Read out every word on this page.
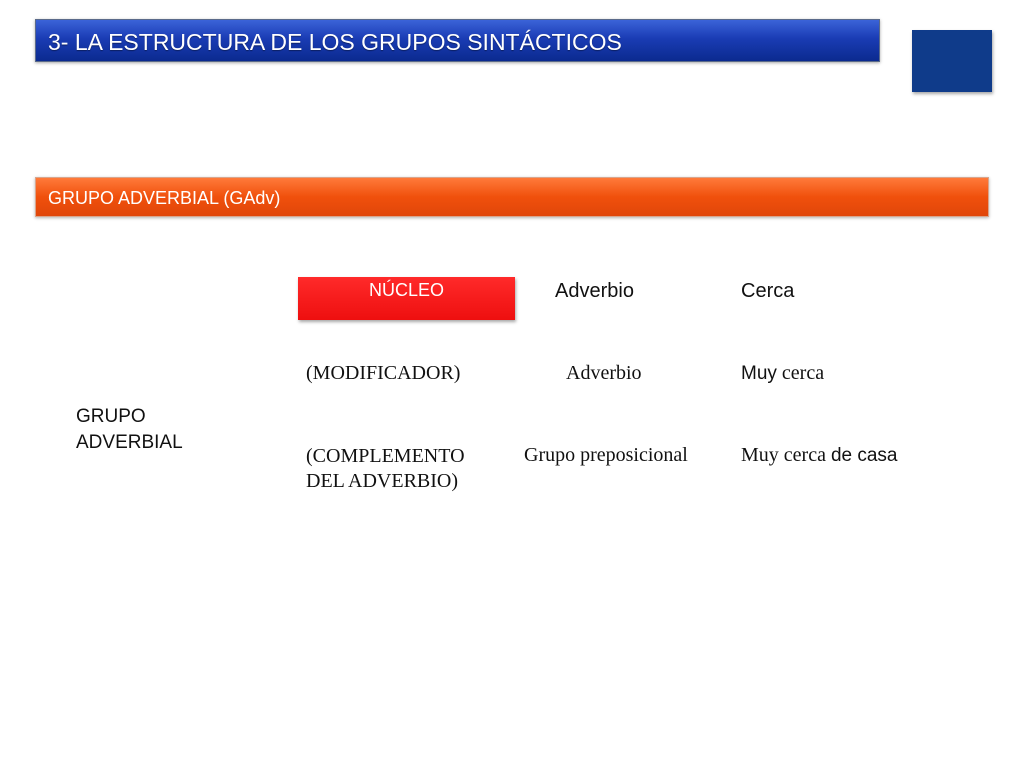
3- LA ESTRUCTURA DE LOS GRUPOS SINTÁCTICOS
GRUPO ADVERBIAL (GAdv)
GRUPO
ADVERBIAL
NÚCLEO	Adverbio	Cerca
(MODIFICADOR)	Adverbio	Muy cerca
(COMPLEMENTO
DEL ADVERBIO)
Grupo preposicional	Muy cerca de casa
